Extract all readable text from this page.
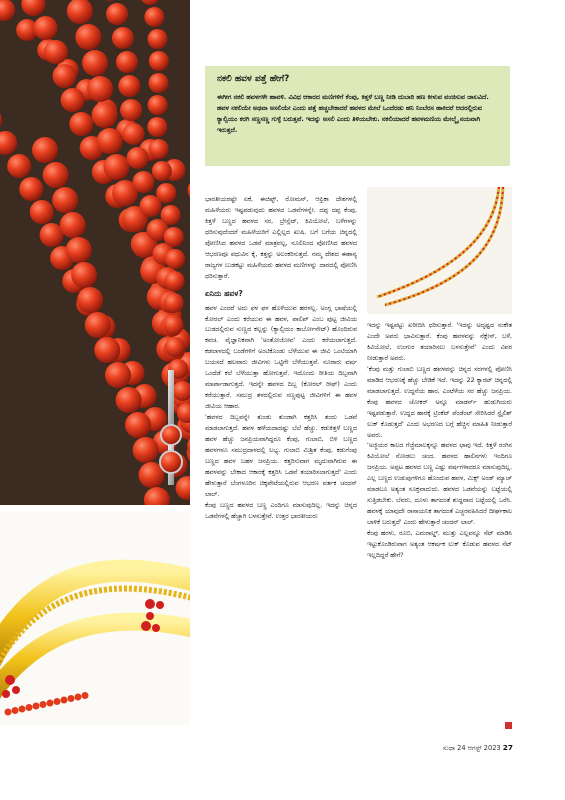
ನಕಲಿ ಹವಳ ಪತ್ತೆ ಹೇಗೆ?

ಈಗೀಗ ನಕಲಿ ಹವಳಗಳೇ ಹಾವಳಿ. ವಿವಿಧ ಆಕಾರದ ಮಣಿಗಳಿಗೆ ಕೆಂಪು, ಕಿತ್ತಳೆ ಬಣ್ಣ ನೀಡಿ ದುಬಾರಿ ಹಣ ಕೀಳುವ ವಂಚಿಸುವ ಜಾಲವಿದೆ. ಹವಳ ನಕಲಿಯೇ ಅಥವಾ ಅಸಲಿಯೇ ಎಂದು ಪತ್ತೆ ಹಚ್ಚಬೇಕಾದರೆ ಹವಳದ ಮೇಲೆ ಒಂದೆರಡು ಹನಿ ನಿಂಬೆರಸ ಹಾಕಿದರೆ ಆದರಲ್ಲಿರುವ ಕ್ಯಾಲ್ಸಿಯಂ ಕರಗಿ ಸಣ್ಣಸಣ್ಣ ಗುಳ್ಳೆ ಬರುತ್ತವೆ. ಇದನ್ನು ಅಸಲಿ ಎಂದು ತಿಳಿಯಬೇಕು. ನಕಲಿಯಾದರೆ ಹವಳಮಣಿಯ ಮೇಲ್ಮೈ ನಯವಾಗಿ ಇರುತ್ತದೆ.

ಭಾರತೀಯರಷ್ಟೇ ಏಕೆ, ಈಜಿಪ್ಟ್, ರೋಮನ್, ಆಫ್ರಿಕಾ ದೇಶಗಳಲ್ಲಿ ಮಹಿಳೆಯರು ಇಷ್ಟಪಡುವುದು ಹವಳದ ಒಡವೆಗಳನ್ನೇ. ದಪ್ಪ ದಪ್ಪ ಕೆಂಪು, ಕಿತ್ತಳೆ ಬಣ್ಣದ ಹವಳದ ಸರ, ಬ್ರೇಸ್ಲೆಟ್, ಕಿವಿಯೋಲೆ, ಬಳೆಗಳನ್ನು ಧರಿಸುವುದೆಂದರೆ ಮಹಿಳೆಯರಿಗೆ ಎಲ್ಲಿಲ್ಲದ ಖುಷಿ. ಬಗೆ ಬಗೆಯ ಚಿನ್ನದಲ್ಲಿ ಪೋಣಿಸಿದ ಹವಳದ ಒಡವೆ ಮಾತ್ರವಲ್ಲ, ನೂಲಿನಿಂದ ಪೋಣಿಸಿದ ಹವಳದ ಆಭರಣವೂ ವಧುವಿನ ಕೈ, ಕತ್ತನ್ನು ಅಲಂಕರಿಸುತ್ತದೆ. ನಮ್ಮ ದೇಶದ ಈಶಾನ್ಯ ರಾಜ್ಯಗಳ ಬುಡಕಟ್ಟು ಮಹಿಳೆಯರು ಹವಳದ ಮಣಿಗಳನ್ನು ದಾರದಲ್ಲಿ ಪೋಣಿಸಿ ಧರಿಸುತ್ತಾರೆ.

ಏನಿದು ಹವಳ?

ಹವಳ ಎಂದರೆ ಅದು ಫಳ ಫಳ ಹೊಳೆಯುವ ಹರಳಲ್ಲ. ಅಂಗ್ಲ ಭಾಷೆಯಲ್ಲಿ ಕೋರಲ್ ಎಂದು ಕರೆಯುವ ಈ ಹವಳ, ಪಾಲಿಪ್ ಎಂಬ ಪುಟ್ಟ ಜೀವಿಯ ಬುಡದಲ್ಲಿರುವ ಸುಣ್ಣದ ಕಲ್ಲನ್ನು (ಕ್ಯಾಲ್ಸಿಯಂ ಕಾರ್ಬೋನೇಟ್) ಹೊಂದಿರುವ ಕವಚ. ವೈಜ್ಞಾನಿಕವಾಗಿ 'ಅಂತೋಜೋವ' ಎಂದು ಕರೆಯಲಾಗುತ್ತದೆ. ಕಡಲಾಳದಲ್ಲಿ ಬಂಡೆಗಳಿಗೆ ಅಂಟಿಕೊಂಡು ಬೆಳೆಯುವ ಈ ಜೀವಿ ಒಂಟಿಯಾಗಿ ಬಯಸದೆ ಹಲವಾರು ಜೀವಿಗಳು ಒಟ್ಟಿಗೇ ಬೆಳೆಯುತ್ತವೆ. ನೂರಾರು ವರ್ಷ ಒಂದೆಡೆ ಕಲೆ ಬೆಳೆಯುತ್ತಾ ಹೋಗುತ್ತವೆ. ಇದೊಂದು ರೀತಿಯ ದಿಬ್ಬವಾಗಿ ಮಾರ್ಪಾಡಾಗುತ್ತದೆ. ಇದನ್ನೇ ಹವಳದ ದಿಬ್ಬ (ಕೋರಲ್ ರೀಫ್) ಎಂದು ಕರೆಯುತ್ತಾರೆ. ಸಮುದ್ರ ತಳದಲ್ಲಿರುವ ಸಣ್ಣಪುಟ್ಟ ಜೀವಿಗಳಿಗೆ ಈ ಹವಳ ಜೀವಿಯ ಆಹಾರ.

'ಹವಳದ ದಿಬ್ಬವನ್ನೇ ತುಂಡು ತುಂಡಾಗಿ ಕತ್ತರಿಸಿ ತಂದು ಒಡವೆ ಮಾಡಲಾಗುತ್ತದೆ. ಹವಳ ಹಳೆಯದಾದಷ್ಟು ಬೆಲೆ ಹೆಚ್ಚು. ಕಡುಕಿತ್ತಳೆ ಬಣ್ಣದ ಹವಳ ಹೆಚ್ಚು ಜನಪ್ರಿಯವಾಗಿದ್ದರೂ ಕೆಂಪು, ಗುಲಾಬಿ, ಬಿಳಿ ಬಣ್ಣದ ಹವಳಗಳೂ ಸಮುದ್ರದಾಳದಲ್ಲಿ ಲಭ್ಯ. ಗುಲಾಬಿ ಮಿಶ್ರಿತ ಕೆಂಪು, ಕಡುಗೆಂಪು ಬಣ್ಣದ ಹವಳ ಬಹಳ ಜನಪ್ರಿಯ. ಕತ್ತರಿಸುವಾಗ ಮೃದುವಾಗಿರುವ ಈ ಹವಳವನ್ನು ಬೇಕಾದ ಆಕಾರಕ್ಕೆ ಕತ್ತರಿಸಿ ಒಡವೆ ತಯಾರಿಸಲಾಗುತ್ತದೆ' ಎಂದು ಹೇಳುತ್ತಾರೆ ಬೆಂಗಳೂರಿನ ಚಿಕ್ಕಪೇಟೆಯಲ್ಲಿರುವ ಆಭರಣ ವರ್ತಕ ಚಂದನ್ ಲಾಲ್.

ಕೆಂಪು ಬಣ್ಣದ ಹವಳದ ಬಣ್ಣ ಎಂದಿಗೂ ಮಾಸುವುದಿಲ್ಲ. ಇದನ್ನು ಚಿನ್ನದ ಒಡವೆಗಳಲ್ಲಿ ಹೆಚ್ಚಾಗಿ ಬಳಸುತ್ತೇವೆ. ಉತ್ತರ ಭಾರತೀಯರು

ಇದನ್ನು ಇಷ್ಟಪಟ್ಟು ಖರೀದಿಸಿ ಧರಿಸುತ್ತಾರೆ. 'ಇದನ್ನು ಅದೃಷ್ಟದ ಸಂಕೇತ ಎಂದೇ ಅವರು ಭಾವಿಸುತ್ತಾರೆ. ಕೆಂಪು ಹವಳವನ್ನು ನೆಕ್ಲೇಸ್, ಬಳೆ, ಕಿವಿಯೋಲೆ, ಉಂಗುರ ತಯಾರಿಸಲು ಬಳಸುತ್ತೇವೆ' ಎಂದು ವಿವರ ನೀಡುತ್ತಾರೆ ಅವರು.

'ಕೆಂಪು ಮತ್ತು ಗುಲಾಬಿ ಬಣ್ಣದ ಹವಳವನ್ನು ಚಿನ್ನದ ಸರಗಳಲ್ಲಿ ಪೋಣಿಸಿ ಮಾಡಿದ ಆಭರಣಕ್ಕೆ ಹೆಚ್ಚು ಬೇಡಿಕೆ ಇದೆ. ಇದನ್ನು 22 ಕ್ಯಾರಟ್ ಚಿನ್ನದಲ್ಲಿ ಮಾಡಲಾಗುತ್ತದೆ. ಉದ್ದನೆಯ ಹಾರ, ಎಂಟೆಳೆಯ ಸರ ಹೆಚ್ಚು ಜನಪ್ರಿಯ. ಕೆಂಪು ಹವಳದ ಚೋಕರ್ ಅನ್ನೂ ಮಾಡರ್ನ್ ಹುಡುಗಿಯರು ಇಷ್ಟಪಡುತ್ತಾರೆ. ಉದ್ದದ ಹಾರಕ್ಕೆ ಟ್ರಿಂಕೆಟ್ ಪೆಂಡೆಂಟ್ ಸೇರಿಸಿದರೆ ಸ್ಟೈಲಿಶ್ ಲುಕ್ ಕೊಡುತ್ತದೆ' ಎಂದು ಅಭರಣದ ಬಗ್ಗೆ ಹೆಚ್ಚಿನ ಮಾಹಿತಿ ನೀಡುತ್ತಾರೆ ಅವರು.

'ಅಜ್ಜಿಯರ ಕಾಲದ ಗೆಜ್ಜೆಮಾಲಕ್ಕನ್ನೂ ಹವಳದ ಛಾಪು ಇದೆ. ಕಿತ್ತಳೆ ರಂಗಿನ ಕಿವಿಯೋಲೆ ನೋಡಲು ಚಂದ. ಹವಳದ ಹಾಲಿನಗಳು ಇಂದಿಗೂ ಜನಪ್ರಿಯ. ಅಪ್ಪಟ ಹವಳದ ಬಣ್ಣ ಎಷ್ಟು ವರ್ಷಗಳಾದರೂ ಮಾಸುವುದಿಲ್ಲ. ಎಲ್ಲ ಬಣ್ಣದ ಉಡುಪುಗಳಿಗೂ ಹೊಂದುವ ಹವಳ, ಮಿಕ್ಸ್ ಅಂಡ್ ಮ್ಯಾಚ್ ಮಾಡಲೂ ಅತ್ಯಂತ ಸೂಕ್ತವಾದುದು. ಹವಳದ ಒಡವೆಯನ್ನು ಬಟ್ಟೆಯಲ್ಲಿ ಸುತ್ತಿಡಬೇಕು. ಬೆವರು, ದೂಳು ತಾಗದಂತೆ ಶುದ್ಧವಾದ ಬಟ್ಟೆಯಲ್ಲಿ ಒರೆಸಿ. ಹವಳಕ್ಕೆ ಯಾವುದೇ ರಾಸಾಯನಿಕ ತಾಗದಂತೆ ಎಚ್ಚರವಹಿಸಿದರೆ ದೀರ್ಘಕಾಲ ಬಾಳಿಕೆ ಬರುತ್ತದೆ' ಎಂದು ಹೇಳುತ್ತಾರೆ ಚಂದನ್ ಲಾಲ್.

ಕೆಂಪು ಹರಳು, ರೂಬಿ, ಎಮರಾಲ್ಡ್, ಮುತ್ತು ಎಲ್ಲವನ್ನೂ ಸೆಟ್ ಮಾಡಿಸಿ ಇಟ್ಟುಕೊಂಡಿರುವಾಗ ಅತ್ಯಂತ ಆಕರ್ಷಕ ಲುಕ್ ಕೊಡುವ ಹವಳದ ಸೆಟ್ ಇಲ್ಲದಿದ್ದರೆ ಹೇಗೆ?

ಸುಧಾ 24 ಆಗಸ್ಟ್ 2023 27
